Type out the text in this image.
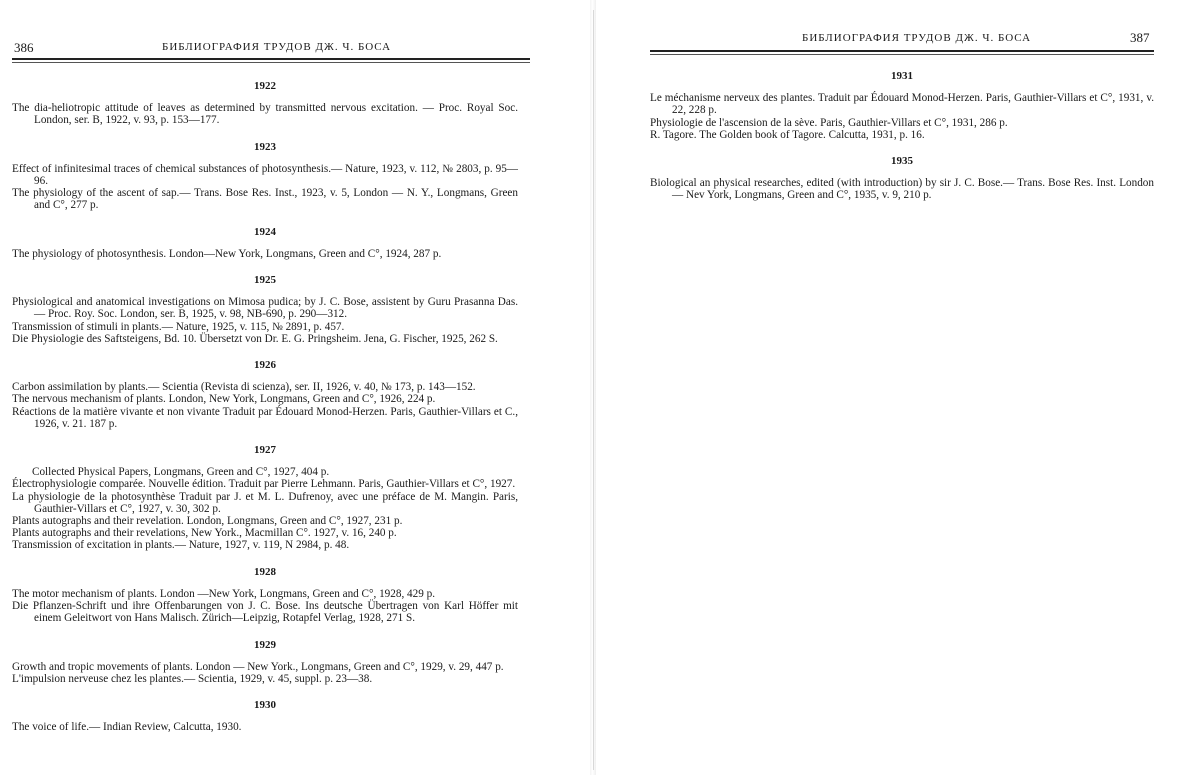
386	БИБЛИОГРАФИЯ ТРУДОВ ДЖ. Ч. БОСА
1922

The dia-heliotropic attitude of leaves as determined by transmitted nervous excitation. — Proc. Royal Soc. London, ser. B, 1922, v. 93, p. 153—177.

1923

Effect of infinitesimal traces of chemical substances of photosynthesis.— Nature, 1923, v. 112, № 2803, p. 95—96.

The physiology of the ascent of sap.— Trans. Bose Res. Inst., 1923, v. 5, London — N. Y., Longmans, Green and C°, 277 p.

1924

The physiology of photosynthesis. London—New York, Longmans, Green and C°, 1924, 287 p.

1925

Physiological and anatomical investigations on Mimosa pudica; by J. C. Bose, assistent by Guru Prasanna Das.— Proc. Roy. Soc. London, ser. B, 1925, v. 98, NB-690, p. 290—312.

Transmission of stimuli in plants.— Nature, 1925, v. 115, № 2891, p. 457.

Die Physiologie des Saftsteigens, Bd. 10. Übersetzt von Dr. E. G. Pringsheim. Jena, G. Fischer, 1925, 262 S.

1926

Carbon assimilation by plants.— Scientia (Revista di scienza), ser. II, 1926, v. 40, № 173, p. 143—152.

The nervous mechanism of plants. London, New York, Longmans, Green and C°, 1926, 224 p.

Réactions de la matière vivante et non vivante Traduit par Édouard Monod-Herzen. Paris, Gauthier-Villars et C., 1926, v. 21. 187 p.

1927

Collected Physical Papers, Longmans, Green and C°, 1927, 404 p.

Électrophysiologie comparée. Nouvelle édition. Traduit par Pierre Lehmann. Paris, Gauthier-Villars et C°, 1927.

La physiologie de la photosynthèse Traduit par J. et M. L. Dufrenoy, avec une préface de M. Mangin. Paris, Gauthier-Villars et C°, 1927, v. 30, 302 p.

Plants autographs and their revelation. London, Longmans, Green and C°, 1927, 231 p.

Plants autographs and their revelations, New York., Macmillan C°. 1927, v. 16, 240 p.

Transmission of excitation in plants.— Nature, 1927, v. 119, N 2984, p. 48.

1928

The motor mechanism of plants. London —New York, Longmans, Green and C°, 1928, 429 p.

Die Pflanzen-Schrift und ihre Offenbarungen von J. C. Bose. Ins deutsche Übertragen von Karl Höffer mit einem Geleitwort von Hans Malisch. Zürich—Leipzig, Rotapfel Verlag, 1928, 271 S.

1929

Growth and tropic movements of plants. London — New York., Longmans, Green and C°, 1929, v. 29, 447 p.

L'impulsion nerveuse chez les plantes.— Scientia, 1929, v. 45, suppl. p. 23—38.

1930

The voice of life.— Indian Review, Calcutta, 1930.

БИБЛИОГРАФИЯ ТРУДОВ ДЖ. Ч. БОСА	387
1931

Le méchanisme nerveux des plantes. Traduit par Édouard Monod-Herzen. Paris, Gauthier-Villars et C°, 1931, v. 22, 228 p.

Physiologie de l'ascension de la sève. Paris, Gauthier-Villars et C°, 1931, 286 p.

R. Tagore. The Golden book of Tagore. Calcutta, 1931, p. 16.

1935

Biological an physical researches, edited (with introduction) by sir J. C. Bose.— Trans. Bose Res. Inst. London — Nev York, Longmans, Green and C°, 1935, v. 9, 210 p.
